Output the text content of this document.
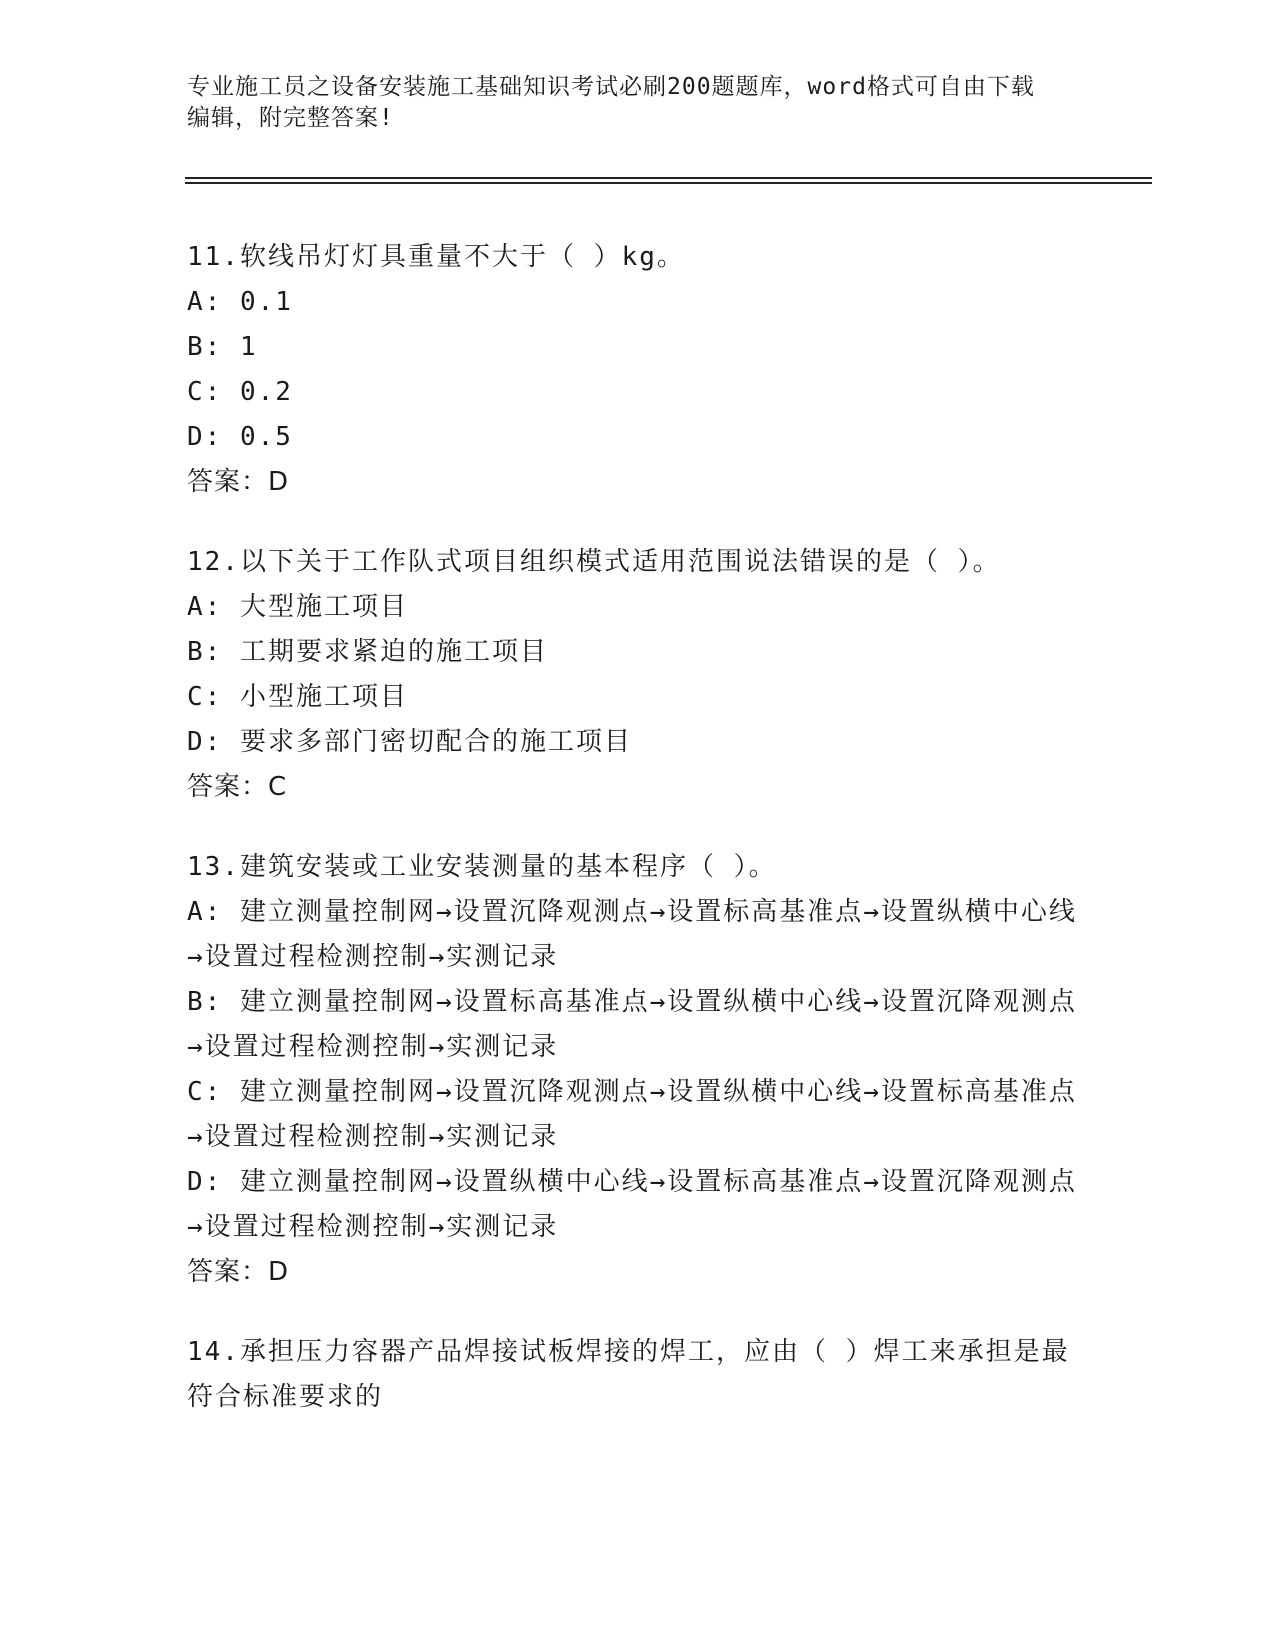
专业施工员之设备安装施工基础知识考试必刷200题题库，word格式可自由下载
编辑，附完整答案!

11.软线吊灯灯具重量不大于（ ）kg。

A: 0.1

B: 1

C: 0.2

D: 0.5

答案：D

12.以下关于工作队式项目组织模式适用范围说法错误的是（ ）。

A: 大型施工项目

B: 工期要求紧迫的施工项目

C: 小型施工项目

D: 要求多部门密切配合的施工项目

答案：C

13.建筑安装或工业安装测量的基本程序（ ）。

A: 建立测量控制网→设置沉降观测点→设置标高基准点→设置纵横中心线→设置过程检测控制→实测记录

B: 建立测量控制网→设置标高基准点→设置纵横中心线→设置沉降观测点→设置过程检测控制→实测记录

C: 建立测量控制网→设置沉降观测点→设置纵横中心线→设置标高基准点→设置过程检测控制→实测记录

D: 建立测量控制网→设置纵横中心线→设置标高基准点→设置沉降观测点→设置过程检测控制→实测记录

答案：D

14.承担压力容器产品焊接试板焊接的焊工，应由（ ）焊工来承担是最符合标准要求的
